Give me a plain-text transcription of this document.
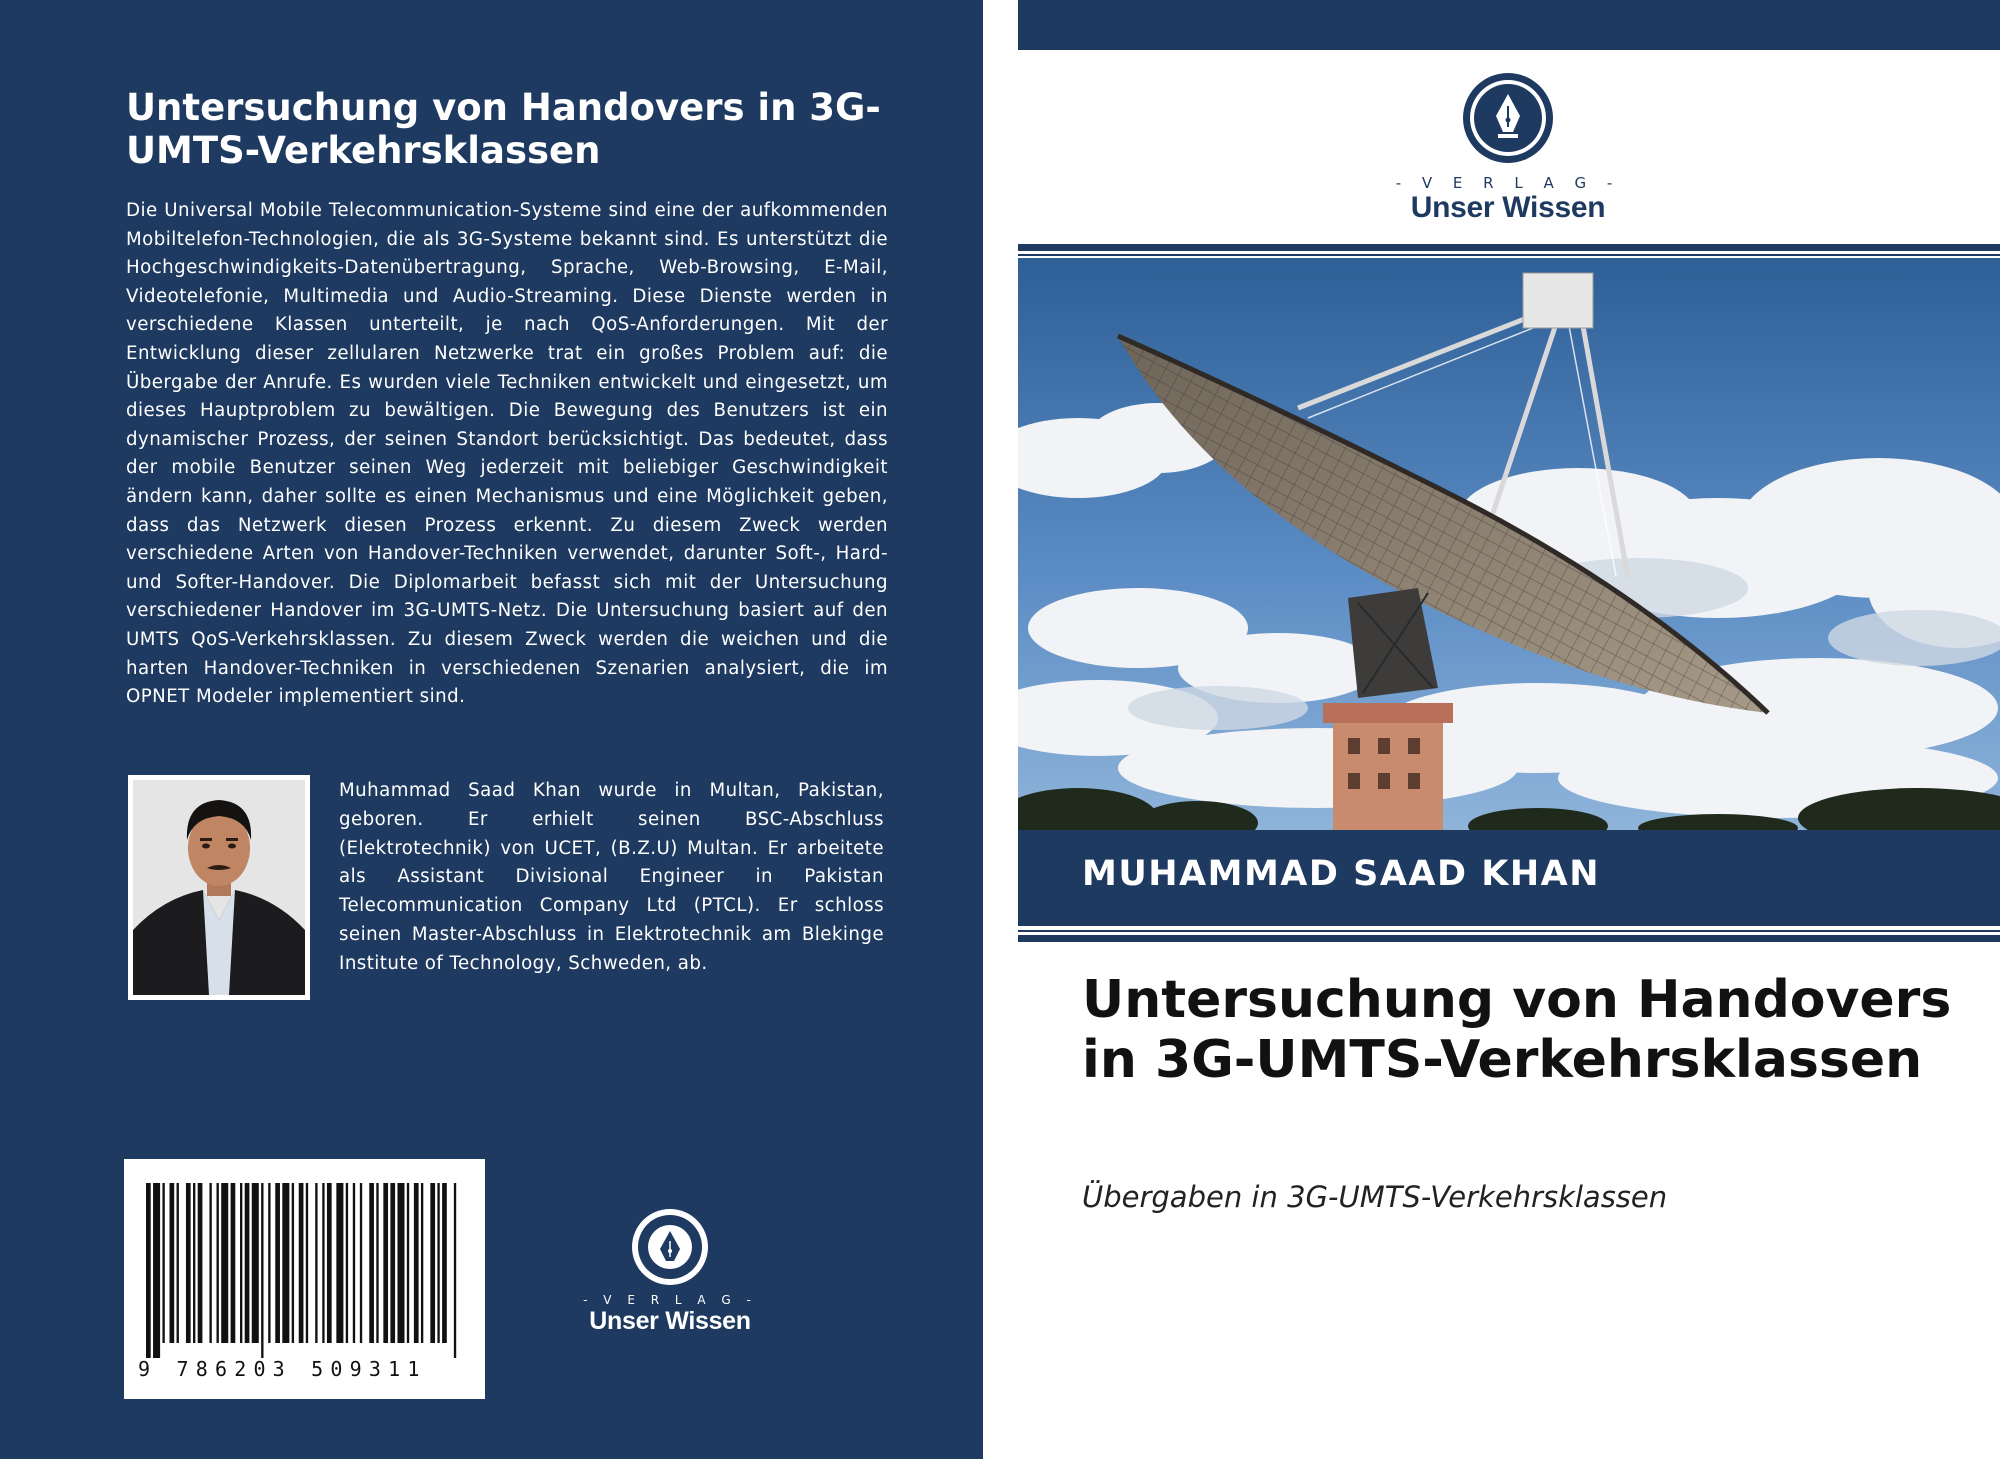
Untersuchung von Handovers in 3G-UMTS-Verkehrsklassen

Die Universal Mobile Telecommunication-Systeme sind eine der aufkommenden Mobiltelefon-Technologien, die als 3G-Systeme bekannt sind. Es unterstützt die Hochgeschwindigkeits-Datenübertragung, Sprache, Web-Browsing, E-Mail, Videotelefonie, Multimedia und Audio-Streaming. Diese Dienste werden in verschiedene Klassen unterteilt, je nach QoS-Anforderungen. Mit der Entwicklung dieser zellularen Netzwerke trat ein großes Problem auf: die Übergabe der Anrufe. Es wurden viele Techniken entwickelt und eingesetzt, um dieses Hauptproblem zu bewältigen. Die Bewegung des Benutzers ist ein dynamischer Prozess, der seinen Standort berücksichtigt. Das bedeutet, dass der mobile Benutzer seinen Weg jederzeit mit beliebiger Geschwindigkeit ändern kann, daher sollte es einen Mechanismus und eine Möglichkeit geben, dass das Netzwerk diesen Prozess erkennt. Zu diesem Zweck werden verschiedene Arten von Handover-Techniken verwendet, darunter Soft-, Hard- und Softer-Handover. Die Diplomarbeit befasst sich mit der Untersuchung verschiedener Handover im 3G-UMTS-Netz. Die Untersuchung basiert auf den UMTS QoS-Verkehrsklassen. Zu diesem Zweck werden die weichen und die harten Handover-Techniken in verschiedenen Szenarien analysiert, die im OPNET Modeler implementiert sind.

Muhammad Saad Khan wurde in Multan, Pakistan, geboren. Er erhielt seinen BSC-Abschluss (Elektrotechnik) von UCET, (B.Z.U) Multan. Er arbeitete als Assistant Divisional Engineer in Pakistan Telecommunication Company Ltd (PTCL). Er schloss seinen Master-Abschluss in Elektrotechnik am Blekinge Institute of Technology, Schweden, ab.

9 786203 509311
- V E R L A G -
Unser Wissen
- V E R L A G -
Unser Wissen
MUHAMMAD SAAD KHAN
Untersuchung von Handovers in 3G-UMTS-Verkehrsklassen

Übergaben in 3G-UMTS-Verkehrsklassen
